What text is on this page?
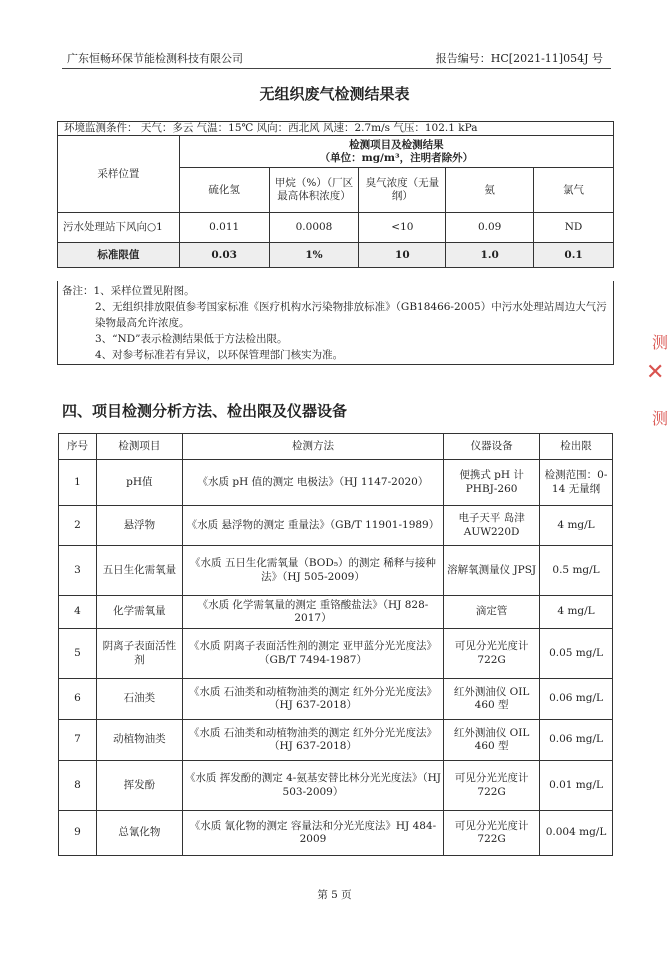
广东恒畅环保节能检测科技有限公司	报告编号：HC[2021-11]054J 号
无组织废气检测结果表
环境监测条件： 天气：多云 气温：15℃ 风向：西北风 风速：2.7m/s 气压：102.1 kPa					
采样位置	检测项目及检测结果
（单位：mg/m³，注明者除外）				

	硫化氢	甲烷（%）（厂区最高体积浓度）	臭气浓度（无量纲）	氨	氯气
污水处理站下风向○1	0.011	0.0008	<10	0.09	ND
标准限值	0.03	1%	10	1.0	0.1
备注：1、采样位置见附图。
2、无组织排放限值参考国家标准《医疗机构水污染物排放标准》（GB18466-2005）中污水处理站周边大气污染物最高允许浓度。
3、“ND”表示检测结果低于方法检出限。
4、对参考标准若有异议，以环保管理部门核实为准。
四、项目检测分析方法、检出限及仪器设备
序号	检测项目	检测方法	仪器设备	检出限
1	pH值	《水质 pH 值的测定 电极法》（HJ 1147-2020）	便携式 pH 计 PHBJ-260	检测范围：0-14 无量纲
2	悬浮物	《水质 悬浮物的测定 重量法》（GB/T 11901-1989）	电子天平 岛津 AUW220D	4 mg/L
3	五日生化需氧量	《水质 五日生化需氧量（BOD₅）的测定 稀释与接种法》（HJ 505-2009）	溶解氧测量仪 JPSJ	0.5 mg/L
4	化学需氧量	《水质 化学需氧量的测定 重铬酸盐法》（HJ 828-2017）	滴定管	4 mg/L
5	阴离子表面活性剂	《水质 阴离子表面活性剂的测定 亚甲蓝分光光度法》（GB/T 7494-1987）	可见分光光度计 722G	0.05 mg/L
6	石油类	《水质 石油类和动植物油类的测定 红外分光光度法》（HJ 637-2018）	红外测油仪 OIL 460 型	0.06 mg/L
7	动植物油类	《水质 石油类和动植物油类的测定 红外分光光度法》（HJ 637-2018）	红外测油仪 OIL 460 型	0.06 mg/L
8	挥发酚	《水质 挥发酚的测定 4-氨基安替比林分光光度法》（HJ 503-2009）	可见分光光度计 722G	0.01 mg/L
9	总氰化物	《水质 氰化物的测定 容量法和分光光度法》HJ 484-2009	可见分光光度计 722G	0.004 mg/L
第 5 页
测
✕
测
